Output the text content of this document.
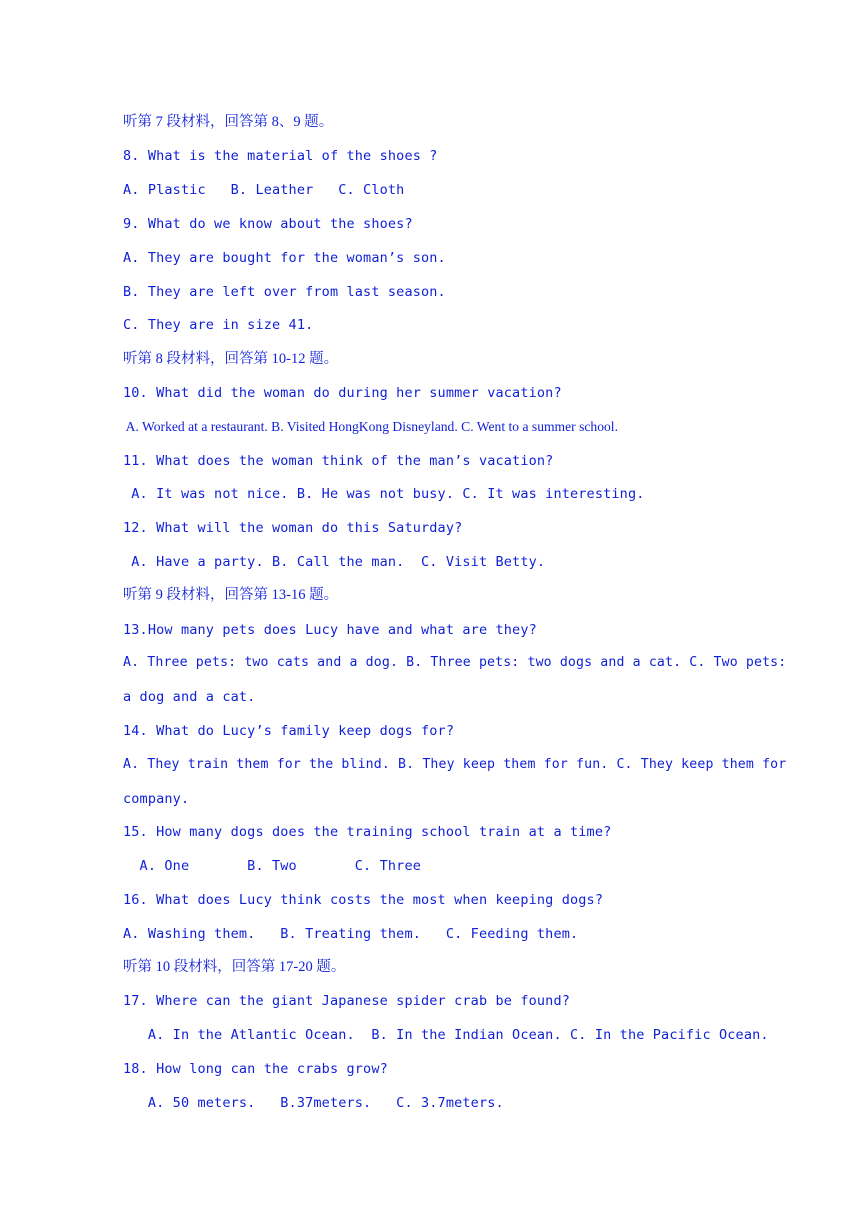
听第 7 段材料，回答第 8、9 题。
8. What is the material of the shoes ?
A. Plastic   B. Leather   C. Cloth
9. What do we know about the shoes?
A. They are bought for the woman’s son.
B. They are left over from last season.
C. They are in size 41.
听第 8 段材料，回答第 10-12 题。
10. What did the woman do during her summer vacation?
A. Worked at a restaurant. B. Visited HongKong Disneyland. C. Went to a summer school.
11. What does the woman think of the man’s vacation?
A. It was not nice. B. He was not busy. C. It was interesting.
12. What will the woman do this Saturday?
A. Have a party. B. Call the man.  C. Visit Betty.
听第 9 段材料，回答第 13-16 题。
13.How many pets does Lucy have and what are they?
A. Three pets: two cats and a dog. B. Three pets: two dogs and a cat. C. Two pets:
a dog and a cat.
14. What do Lucy’s family keep dogs for?
A. They train them for the blind. B. They keep them for fun. C. They keep them for
company.
15. How many dogs does the training school train at a time?
A. One       B. Two       C. Three
16. What does Lucy think costs the most when keeping dogs?
A. Washing them.   B. Treating them.   C. Feeding them.
听第 10 段材料，回答第 17-20 题。
17. Where can the giant Japanese spider crab be found?
A. In the Atlantic Ocean.  B. In the Indian Ocean. C. In the Pacific Ocean.
18. How long can the crabs grow?
A. 50 meters.   B.37meters.   C. 3.7meters.
